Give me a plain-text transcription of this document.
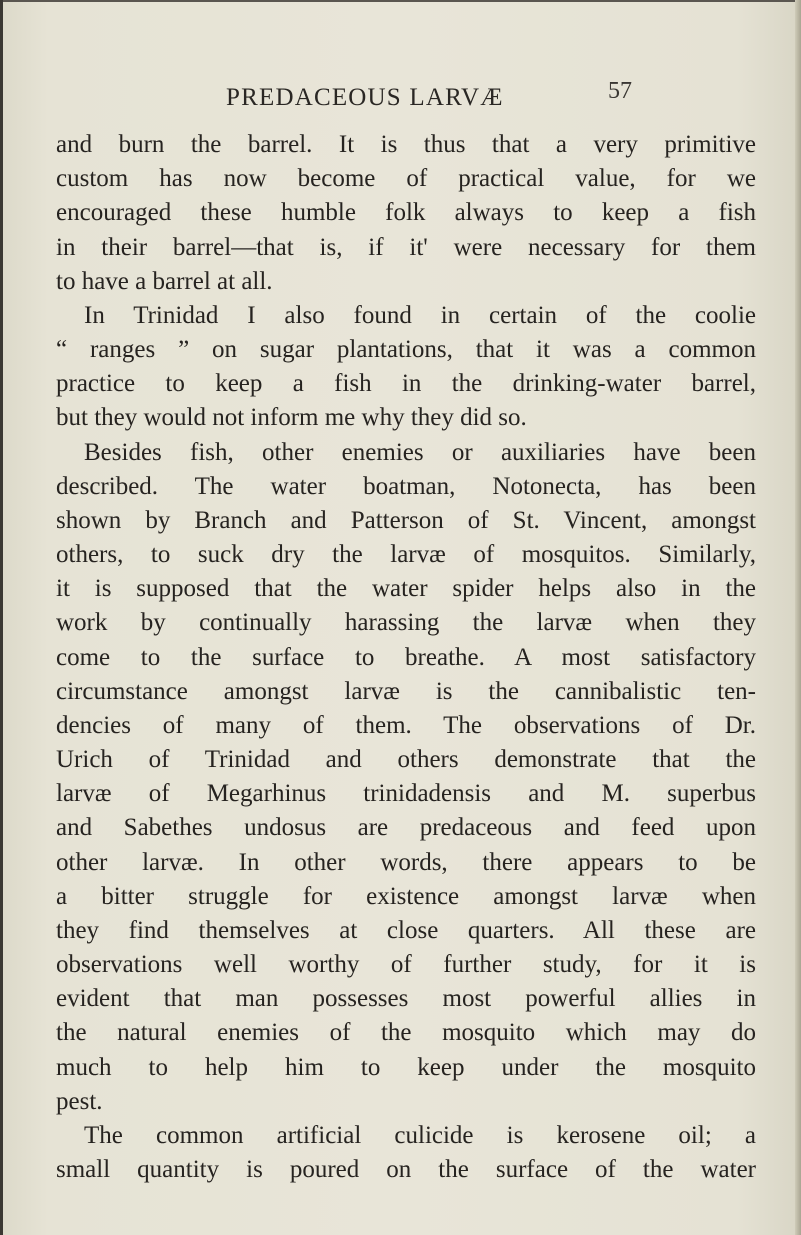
PREDACEOUS LARVÆ	57
and burn the barrel. It is thus that a very primitive
custom has now become of practical value, for we
encouraged these humble folk always to keep a fish
in their barrel—that is, if it' were necessary for them
to have a barrel at all.
In Trinidad I also found in certain of the coolie
“ ranges ” on sugar plantations, that it was a common
practice to keep a fish in the drinking-water barrel,
but they would not inform me why they did so.
Besides fish, other enemies or auxiliaries have been
described. The water boatman, Notonecta, has been
shown by Branch and Patterson of St. Vincent, amongst
others, to suck dry the larvæ of mosquitos. Similarly,
it is supposed that the water spider helps also in the
work by continually harassing the larvæ when they
come to the surface to breathe. A most satisfactory
circumstance amongst larvæ is the cannibalistic ten-
dencies of many of them. The observations of Dr.
Urich of Trinidad and others demonstrate that the
larvæ of Megarhinus trinidadensis and M. superbus
and Sabethes undosus are predaceous and feed upon
other larvæ. In other words, there appears to be
a bitter struggle for existence amongst larvæ when
they find themselves at close quarters. All these are
observations well worthy of further study, for it is
evident that man possesses most powerful allies in
the natural enemies of the mosquito which may do
much to help him to keep under the mosquito
pest.
The common artificial culicide is kerosene oil; a
small quantity is poured on the surface of the water
